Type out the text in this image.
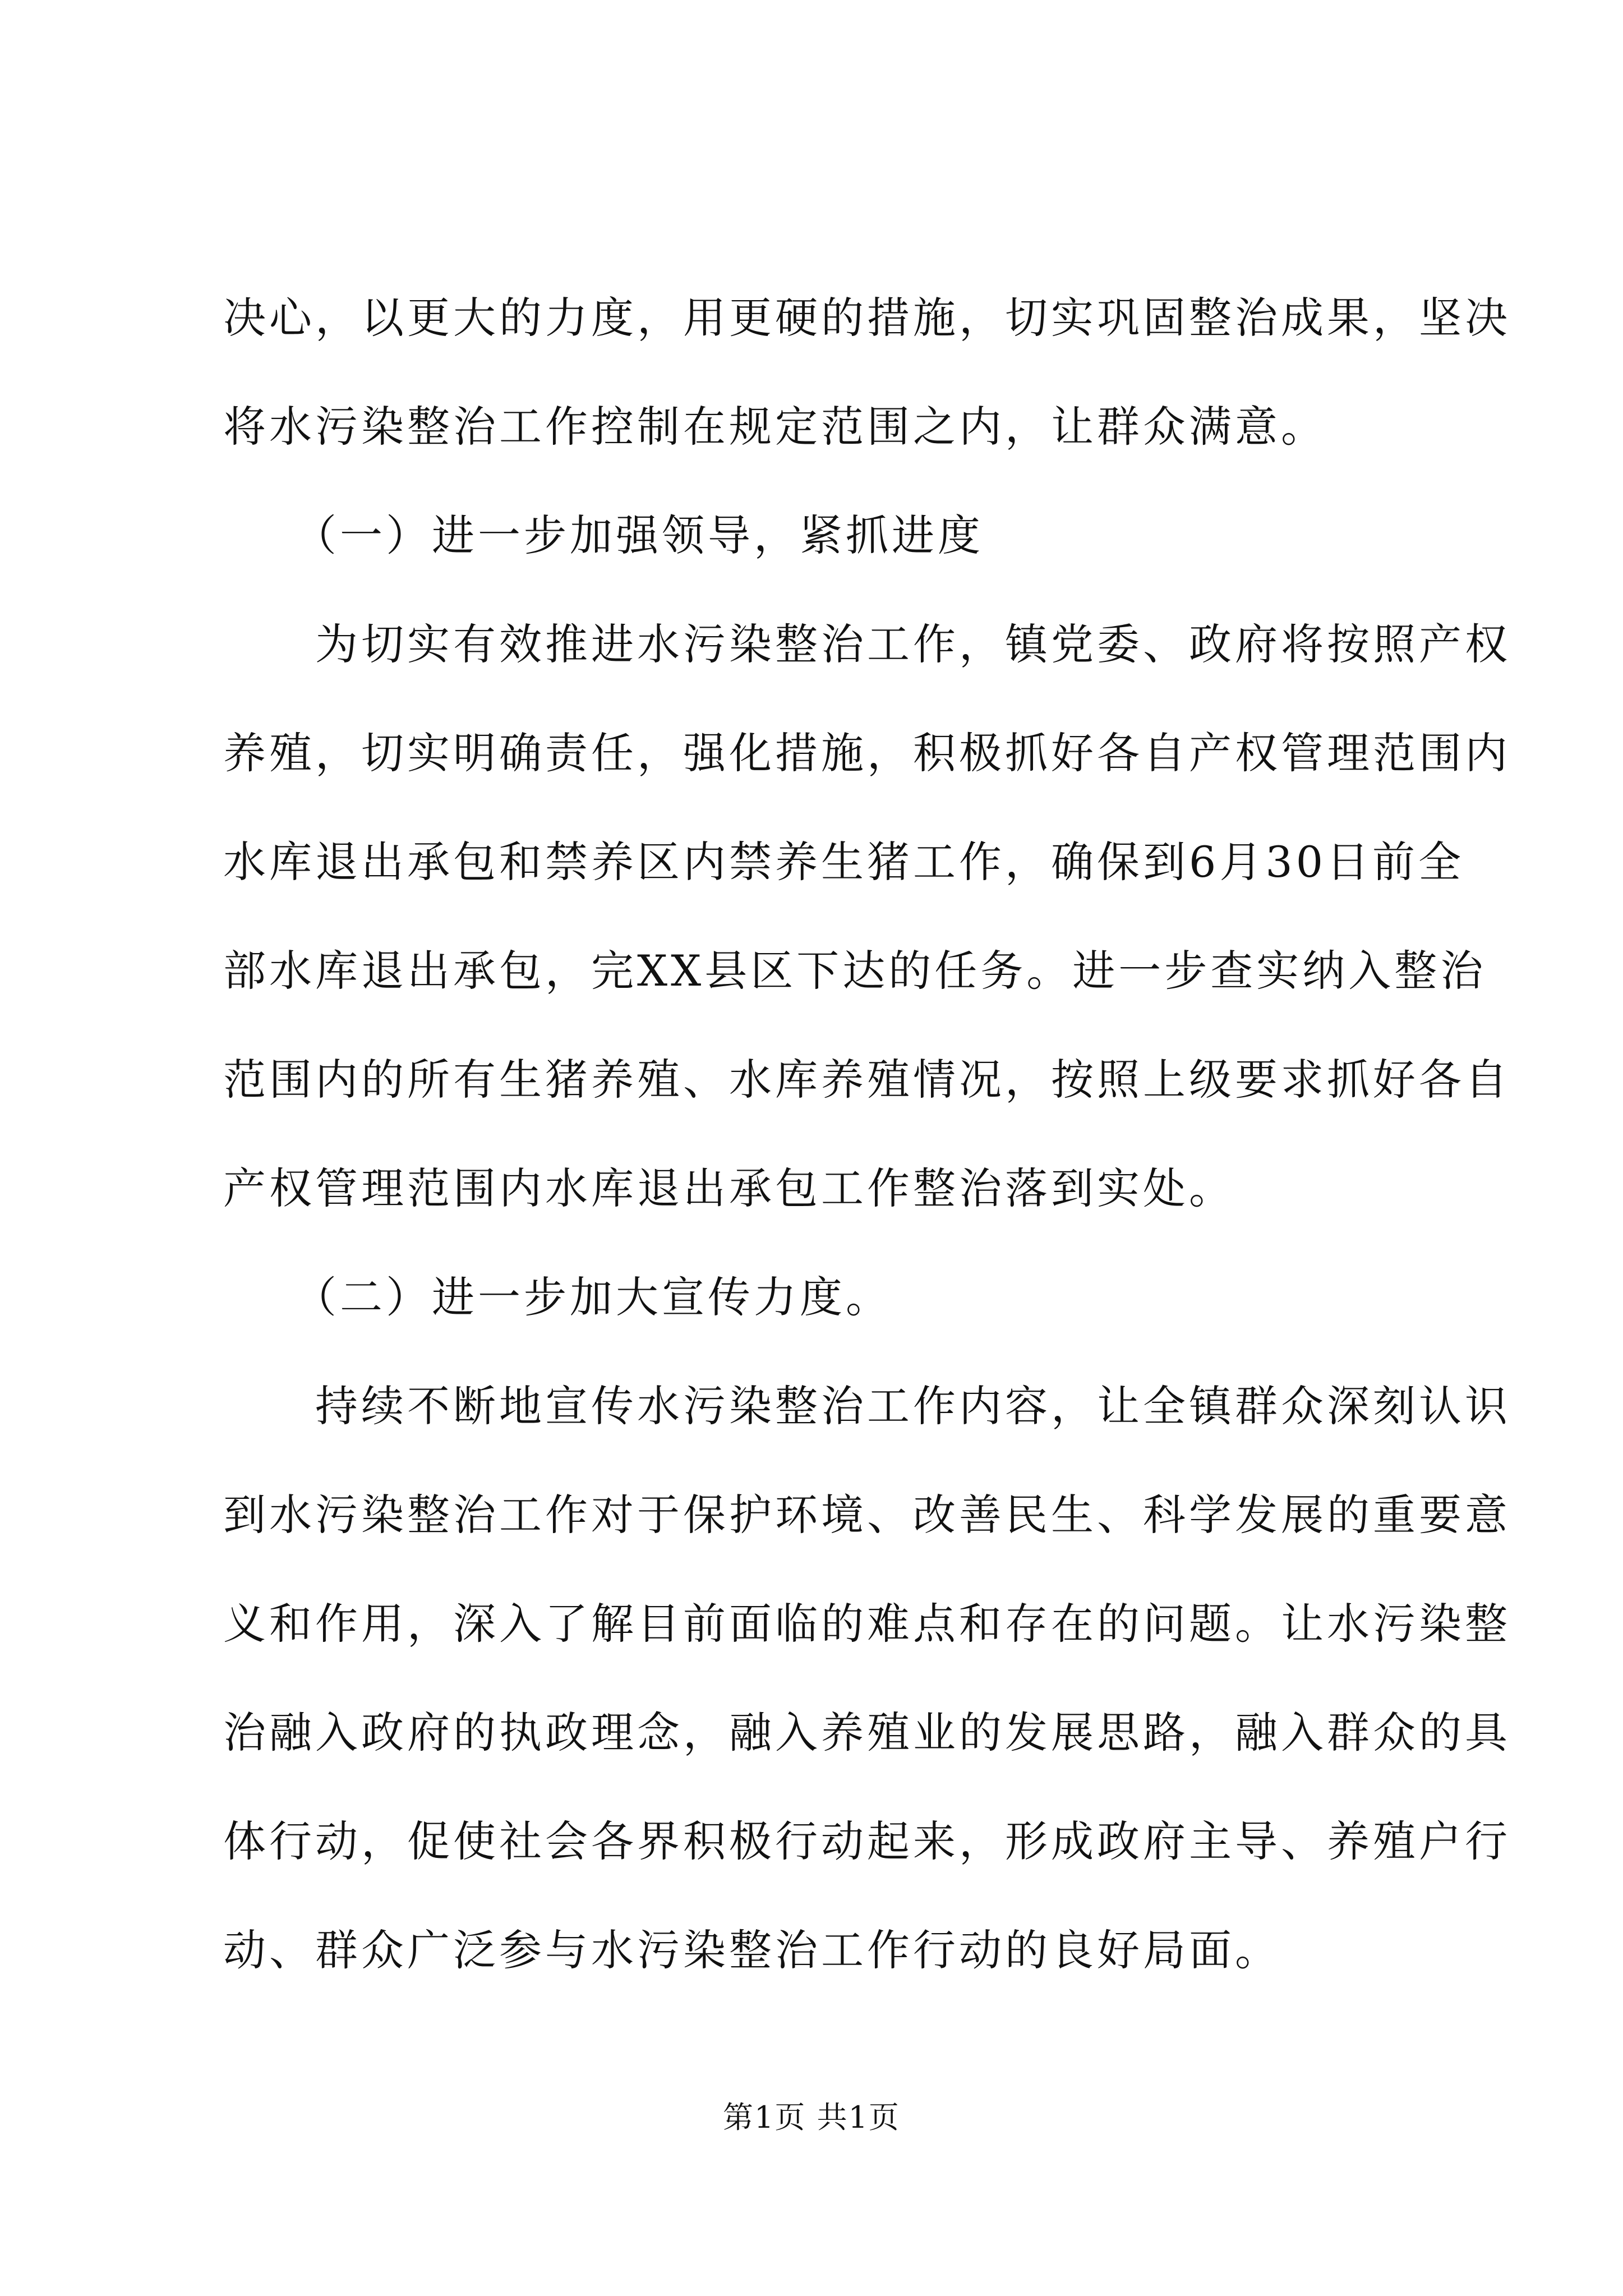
决心，以更大的力度，用更硬的措施，切实巩固整治成果，坚决
将水污染整治工作控制在规定范围之内，让群众满意。
　　（一）进一步加强领导，紧抓进度
　　为切实有效推进水污染整治工作，镇党委、政府将按照产权
养殖，切实明确责任，强化措施，积极抓好各自产权管理范围内
水库退出承包和禁养区内禁养生猪工作，确保到6月30日前全
部水库退出承包，完XX县区下达的任务。进一步查实纳入整治
范围内的所有生猪养殖、水库养殖情况，按照上级要求抓好各自
产权管理范围内水库退出承包工作整治落到实处。
　　（二）进一步加大宣传力度。
　　持续不断地宣传水污染整治工作内容，让全镇群众深刻认识
到水污染整治工作对于保护环境、改善民生、科学发展的重要意
义和作用，深入了解目前面临的难点和存在的问题。让水污染整
治融入政府的执政理念，融入养殖业的发展思路，融入群众的具
体行动，促使社会各界积极行动起来，形成政府主导、养殖户行
动、群众广泛参与水污染整治工作行动的良好局面。
第1页 共1页
